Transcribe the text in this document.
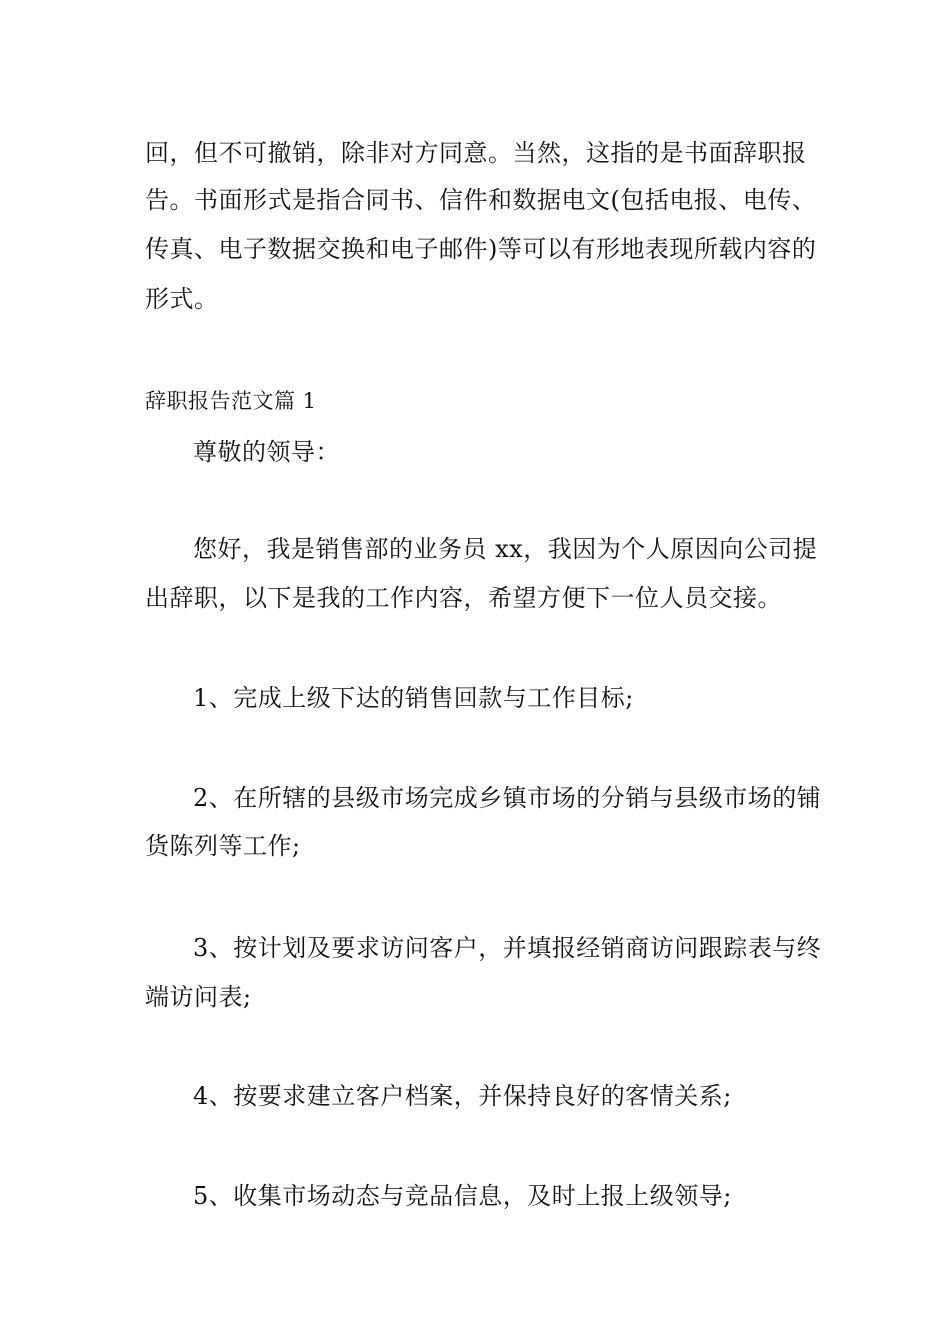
回，但不可撤销，除非对方同意。当然，这指的是书面辞职报
告。书面形式是指合同书、信件和数据电文(包括电报、电传、
传真、电子数据交换和电子邮件)等可以有形地表现所载内容的
形式。
辞职报告范文篇 1
尊敬的领导：
您好，我是销售部的业务员 xx，我因为个人原因向公司提
出辞职，以下是我的工作内容，希望方便下一位人员交接。
1、完成上级下达的销售回款与工作目标;
2、在所辖的县级市场完成乡镇市场的分销与县级市场的铺
货陈列等工作;
3、按计划及要求访问客户，并填报经销商访问跟踪表与终
端访问表;
4、按要求建立客户档案，并保持良好的客情关系;
5、收集市场动态与竞品信息，及时上报上级领导;
